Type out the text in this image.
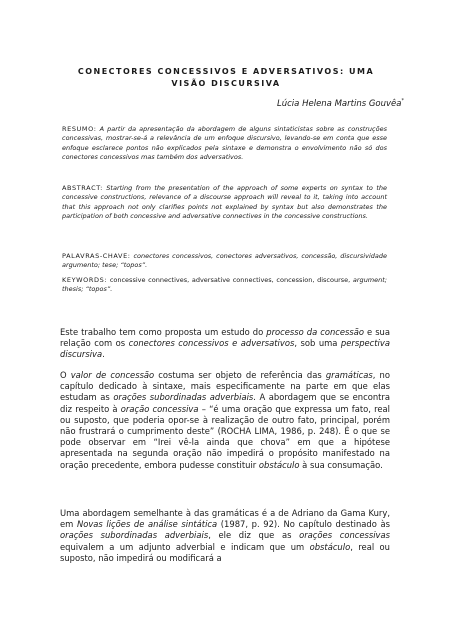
CONECTORES CONCESSIVOS E ADVERSATIVOS: UMA VISÃO DISCURSIVA
Lúcia Helena Martins Gouvêa*
RESUMO: A partir da apresentação da abordagem de alguns sintaticistas sobre as construções concessivas, mostrar-se-á a relevância de um enfoque discursivo, levando-se em conta que esse enfoque esclarece pontos não explicados pela sintaxe e demonstra o envolvimento não só dos conectores concessivos mas também dos adversativos.
ABSTRACT: Starting from the presentation of the approach of some experts on syntax to the concessive constructions, relevance of a discourse approach will reveal to it, taking into account that this approach not only clarifies points not explained by syntax but also demonstrates the participation of both concessive and adversative connectives in the concessive constructions.
PALAVRAS-CHAVE: conectores concessivos, conectores adversativos, concessão, discursividade argumento; tese; “topos”.
KEYWORDS: concessive connectives, adversative connectives, concession, discourse, argument; thesis; “topos”.
Este trabalho tem como proposta um estudo do processo da concessão e sua relação com os conectores concessivos e adversativos, sob uma perspectiva discursiva.
O valor de concessão costuma ser objeto de referência das gramáticas, no capítulo dedicado à sintaxe, mais especificamente na parte em que elas estudam as orações subordinadas adverbiais. A abordagem que se encontra diz respeito à oração concessiva – “é uma oração que expressa um fato, real ou suposto, que poderia opor-se à realização de outro fato, principal, porém não frustrará o cumprimento deste” (ROCHA LIMA, 1986, p. 248). É o que se pode observar em “Irei vê-la ainda que chova” em que a hipótese apresentada na segunda oração não impedirá o propósito manifestado na oração precedente, embora pudesse constituir obstáculo à sua consumação.
Uma abordagem semelhante à das gramáticas é a de Adriano da Gama Kury, em Novas lições de análise sintática (1987, p. 92). No capítulo destinado às orações subordinadas adverbiais, ele diz que as orações concessivas equivalem a um adjunto adverbial e indicam que um obstáculo, real ou suposto, não impedirá ou modificará a
